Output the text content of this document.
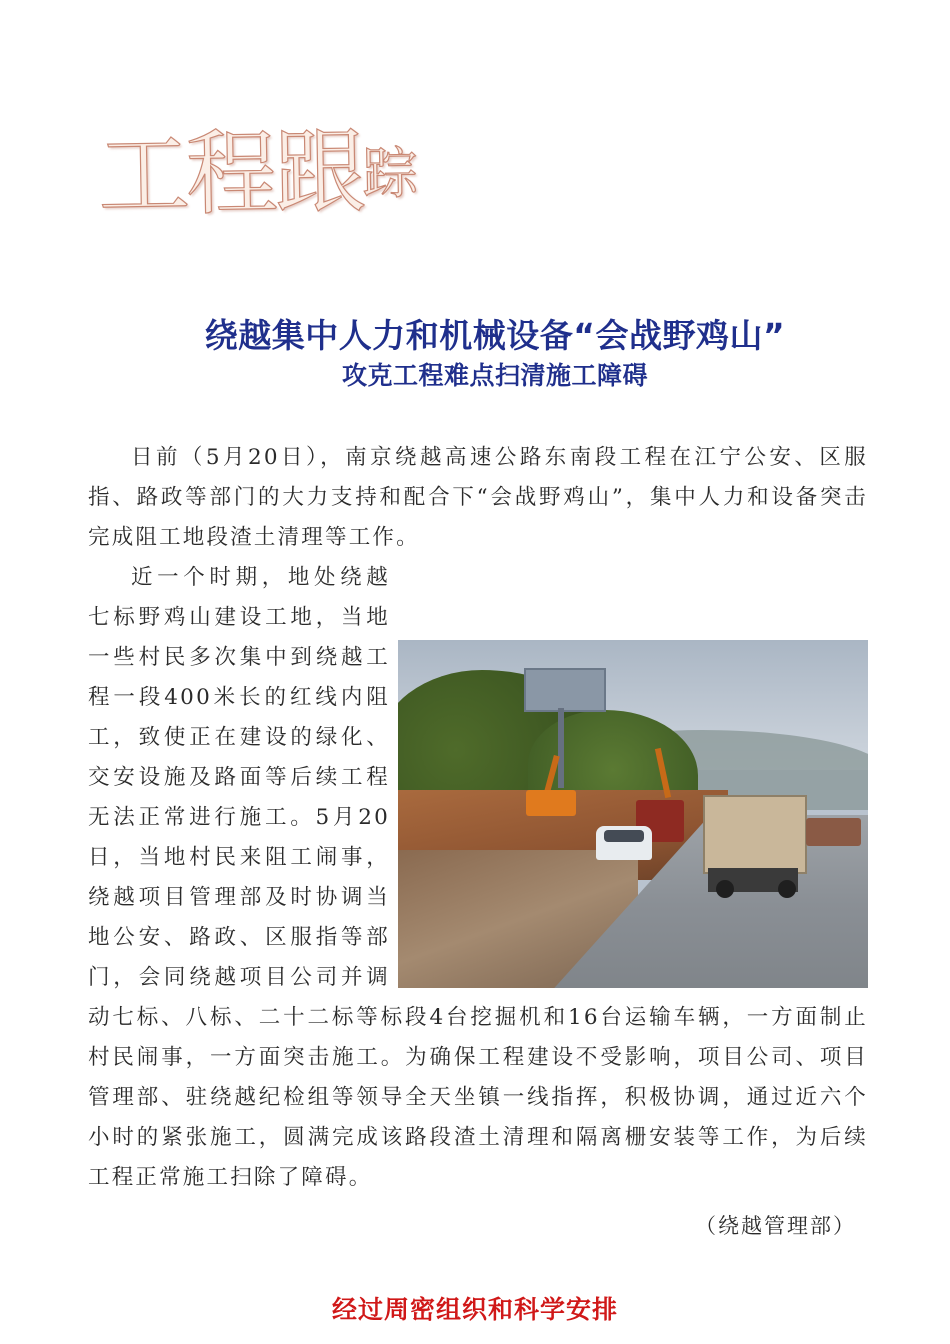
工程跟踪
绕越集中人力和机械设备“会战野鸡山”
攻克工程难点扫清施工障碍

日前（5月20日），南京绕越高速公路东南段工程在江宁公安、区服指、路政等部门的大力支持和配合下“会战野鸡山”，集中人力和设备突击完成阻工地段渣土清理等工作。

近一个时期，地处绕越七标野鸡山建设工地，当地一些村民多次集中到绕越工程一段400米长的红线内阻工，致使正在建设的绿化、交安设施及路面等后续工程无法正常进行施工。5月20日，当地村民来阻工闹事，绕越项目管理部及时协调当地公安、路政、区服指等部门，会同绕越项目公司并调动七标、八标、二十二标等标段4台挖掘机和16台运输车辆，一方面制止村民闹事，一方面突击施工。为确保工程建设不受影响，项目公司、项目管理部、驻绕越纪检组等领导全天坐镇一线指挥，积极协调，通过近六个小时的紧张施工，圆满完成该路段渣土清理和隔离栅安装等工作，为后续工程正常施工扫除了障碍。

（绕越管理部）
经过周密组织和科学安排
